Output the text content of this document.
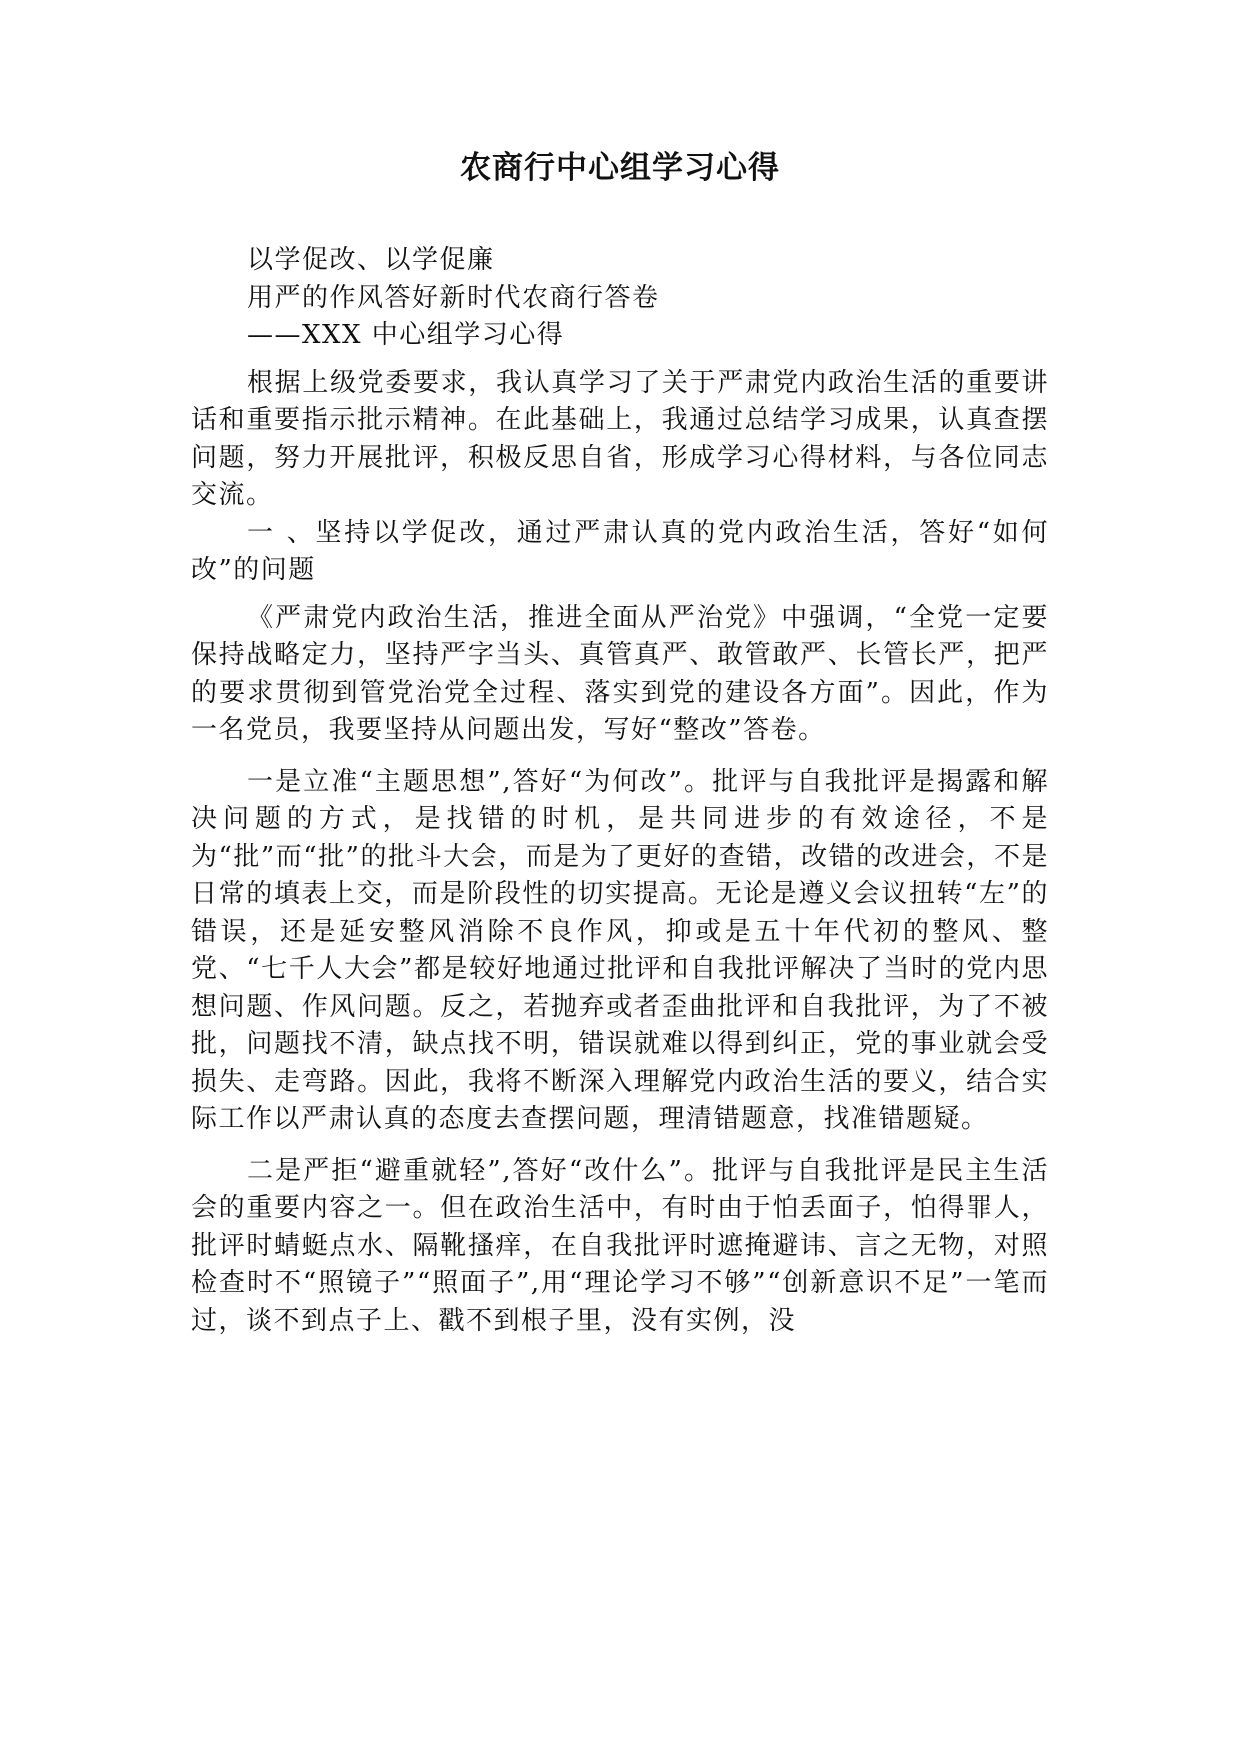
农商行中心组学习心得

以学促改、以学促廉

用严的作风答好新时代农商行答卷

——XXX 中心组学习心得

根据上级党委要求，我认真学习了关于严肃党内政治生活的重要讲话和重要指示批示精神。在此基础上，我通过总结学习成果，认真查摆问题，努力开展批评，积极反思自省，形成学习心得材料，与各位同志交流。

一 、坚持以学促改，通过严肃认真的党内政治生活，答好“如何改”的问题

《严肃党内政治生活，推进全面从严治党》中强调，“全党一定要保持战略定力，坚持严字当头、真管真严、敢管敢严、长管长严，把严的要求贯彻到管党治党全过程、落实到党的建设各方面”。因此，作为一名党员，我要坚持从问题出发，写好“整改”答卷。

一是立准“主题思想”,答好“为何改”。批评与自我批评是揭露和解决问题的方式，是找错的时机，是共同进步的有效途径，不是为“批”而“批”的批斗大会，而是为了更好的查错，改错的改进会，不是日常的填表上交，而是阶段性的切实提高。无论是遵义会议扭转“左”的错误，还是延安整风消除不良作风，抑或是五十年代初的整风、整党、“七千人大会”都是较好地通过批评和自我批评解决了当时的党内思想问题、作风问题。反之，若抛弃或者歪曲批评和自我批评，为了不被批，问题找不清，缺点找不明，错误就难以得到纠正，党的事业就会受损失、走弯路。因此，我将不断深入理解党内政治生活的要义，结合实际工作以严肃认真的态度去查摆问题，理清错题意，找准错题疑。

二是严拒“避重就轻”,答好“改什么”。批评与自我批评是民主生活会的重要内容之一。但在政治生活中，有时由于怕丢面子，怕得罪人，批评时蜻蜓点水、隔靴搔痒，在自我批评时遮掩避讳、言之无物，对照检查时不“照镜子”“照面子”,用“理论学习不够”“创新意识不足”一笔而过，谈不到点子上、戳不到根子里，没有实例，没
